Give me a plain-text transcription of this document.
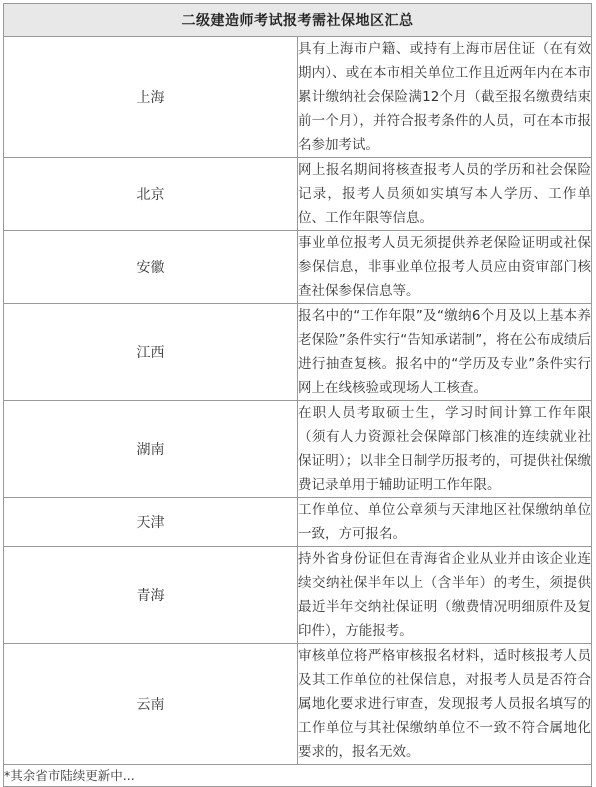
二级建造师考试报考需社保地区汇总	
上海	具有上海市户籍、或持有上海市居住证（在有效期内）、或在本市相关单位工作且近两年内在本市累计缴纳社会保险满12个月（截至报名缴费结束前一个月），并符合报考条件的人员，可在本市报名参加考试。
北京	网上报名期间将核查报考人员的学历和社会保险记录，报考人员须如实填写本人学历、工作单位、工作年限等信息。
安徽	事业单位报考人员无须提供养老保险证明或社保参保信息，非事业单位报考人员应由资审部门核查社保参保信息等。
江西	报名中的“工作年限”及“缴纳6个月及以上基本养老保险”条件实行“告知承诺制”，将在公布成绩后进行抽查复核。报名中的“学历及专业”条件实行网上在线核验或现场人工核查。
湖南	在职人员考取硕士生，学习时间计算工作年限（须有人力资源社会保障部门核准的连续就业社保证明）；以非全日制学历报考的，可提供社保缴费记录单用于辅助证明工作年限。
天津	工作单位、单位公章须与天津地区社保缴纳单位一致，方可报名。
青海	持外省身份证但在青海省企业从业并由该企业连续交纳社保半年以上（含半年）的考生，须提供最近半年交纳社保证明（缴费情况明细原件及复印件），方能报考。
云南	审核单位将严格审核报名材料，适时核报考人员及其工作单位的社保信息，对报考人员是否符合属地化要求进行审查，发现报考人员报名填写的工作单位与其社保缴纳单位不一致不符合属地化要求的，报名无效。
*其余省市陆续更新中...	
